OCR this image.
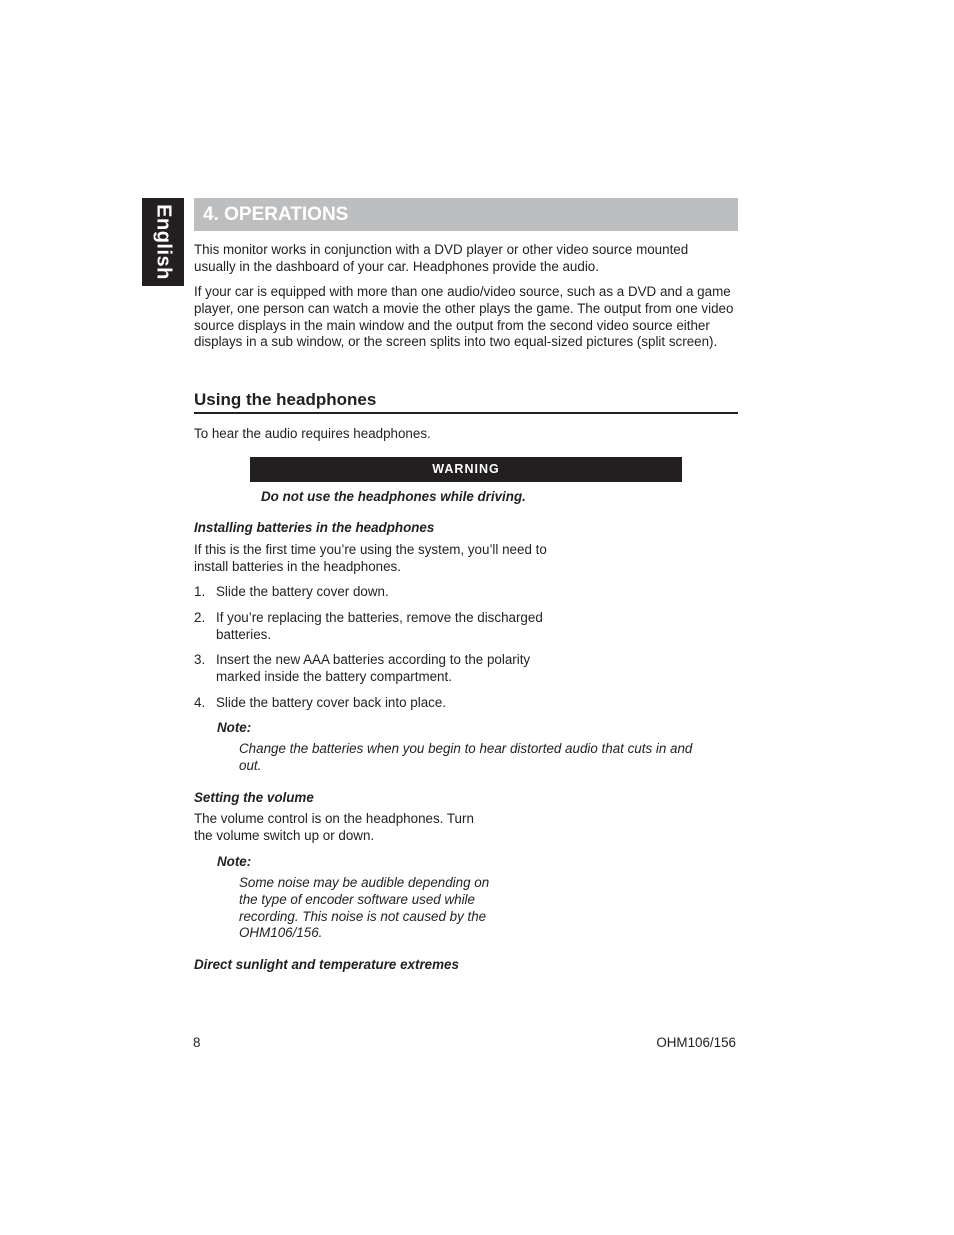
English 4. OPERATIONS

This monitor works in conjunction with a DVD player or other video source mounted usually in the dashboard of your car. Headphones provide the audio.

If your car is equipped with more than one audio/video source, such as a DVD and a game player, one person can watch a movie the other plays the game. The output from one video source displays in the main window and the output from the second video source either displays in a sub window, or the screen splits into two equal-sized pictures (split screen).

Using the headphones

To hear the audio requires headphones.

WARNING

Do not use the headphones while driving.

Installing batteries in the headphones

If this is the first time you’re using the system, you’ll need to install batteries in the headphones.

1. Slide the battery cover down.
2. If you’re replacing the batteries, remove the discharged batteries.
3. Insert the new AAA batteries according to the polarity marked inside the battery compartment.
4. Slide the battery cover back into place.

Note:

Change the batteries when you begin to hear distorted audio that cuts in and out.

Setting the volume

The volume control is on the headphones. Turn the volume switch up or down.

Note:

Some noise may be audible depending on the type of encoder software used while recording. This noise is not caused by the OHM106/156.

Direct sunlight and temperature extremes

8	OHM106/156
